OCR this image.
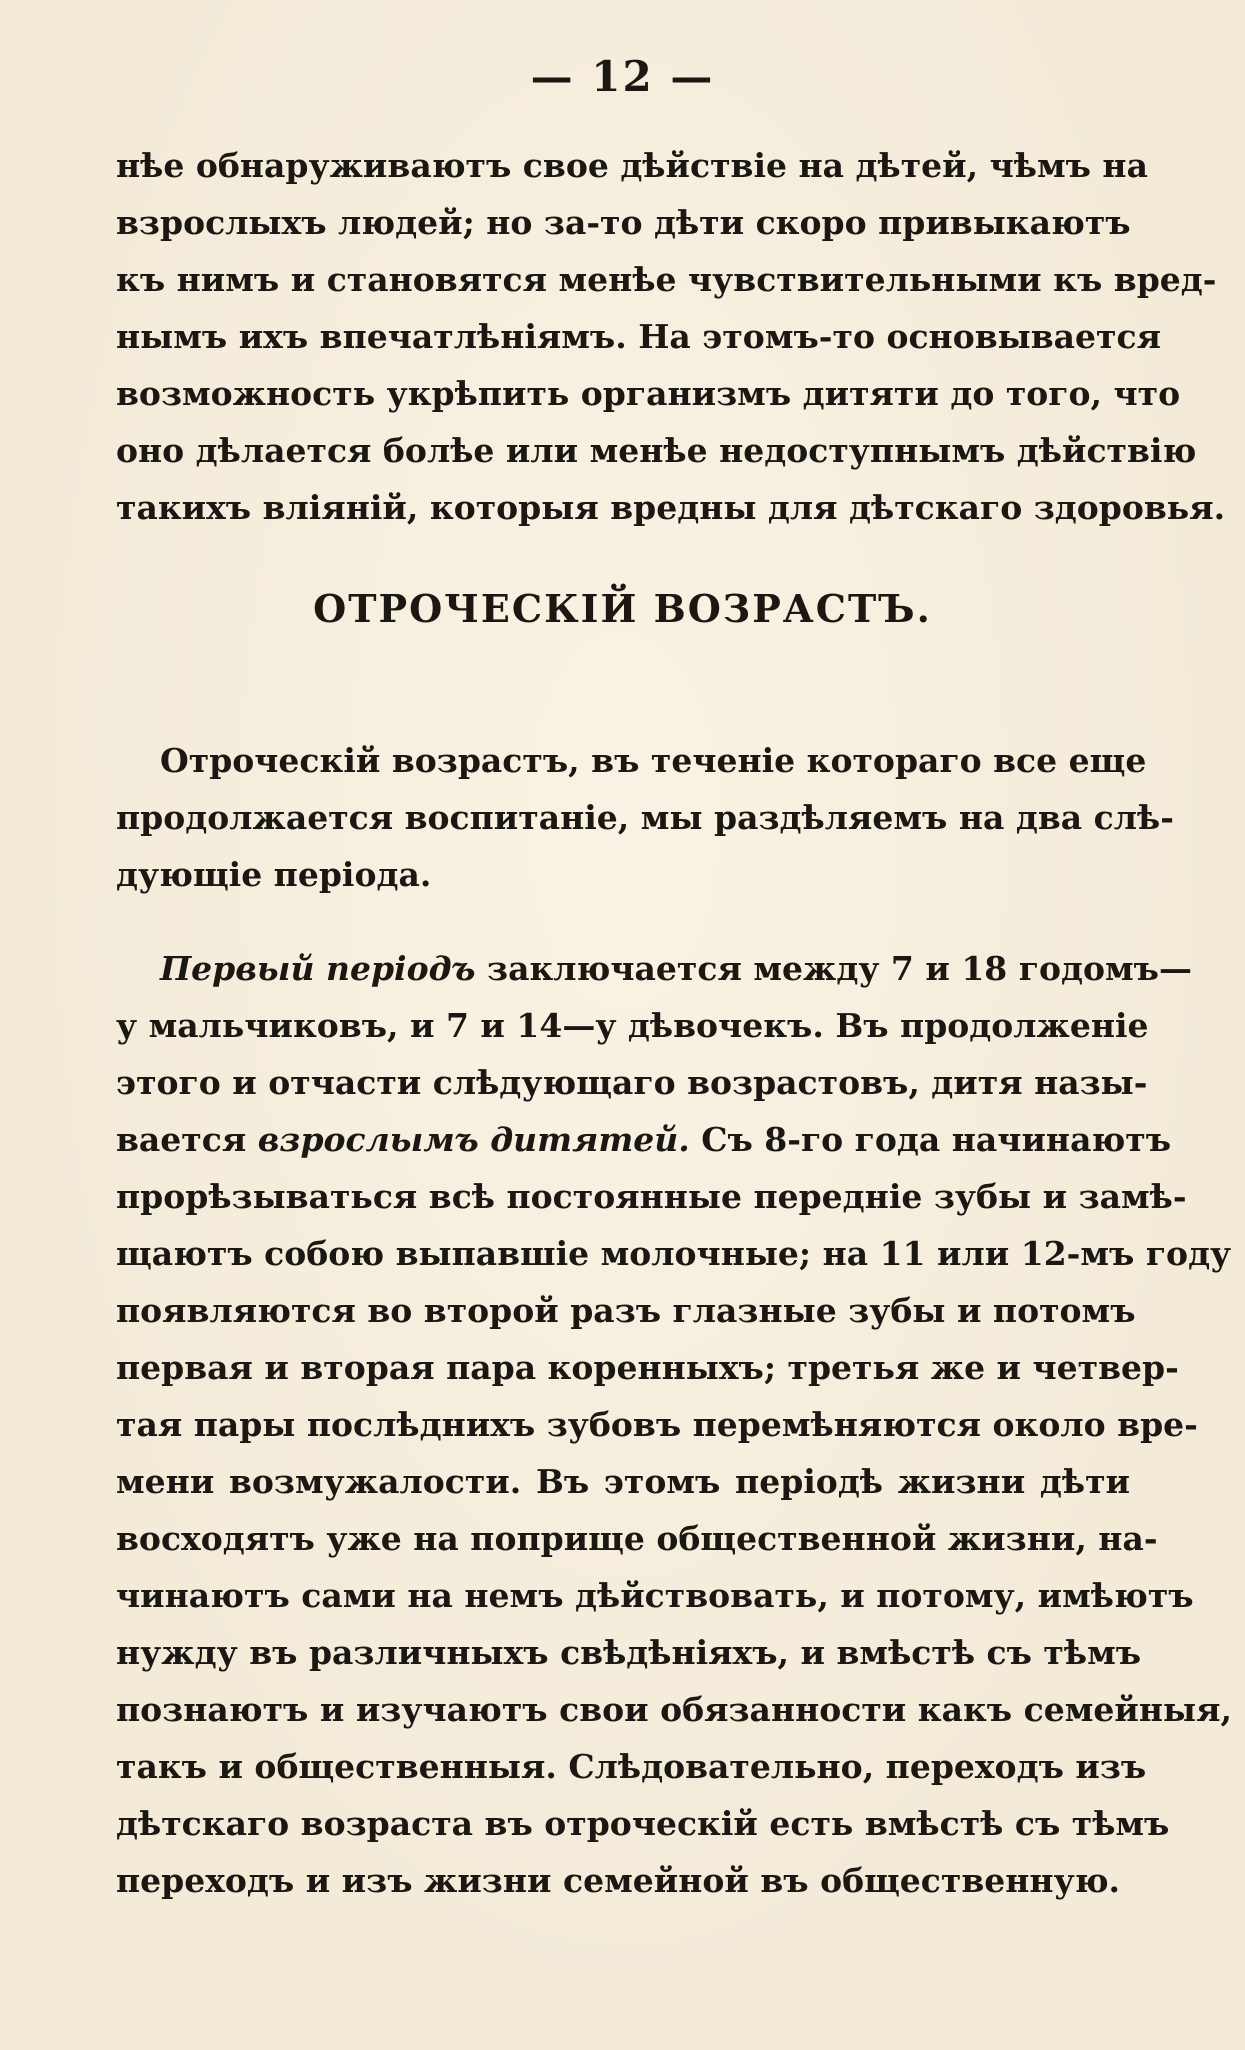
— 12 —
нѣе обнаруживаютъ свое дѣйствіе на дѣтей, чѣмъ на
взрослыхъ людей; но за-то дѣти скоро привыкаютъ
къ нимъ и становятся менѣе чувствительными къ вред-
нымъ ихъ впечатлѣніямъ. На этомъ-то основывается
возможность укрѣпить организмъ дитяти до того, что
оно дѣлается болѣе или менѣе недоступнымъ дѣйствію
такихъ вліяній, которыя вредны для дѣтскаго здоровья.
ОТРОЧЕСКІЙ ВОЗРАСТЪ.
Отроческій возрастъ, въ теченіе котораго все еще
продолжается воспитаніе, мы раздѣляемъ на два слѣ-
дующіе періода.
Первый періодъ заключается между 7 и 18 годомъ—
у мальчиковъ, и 7 и 14—у дѣвочекъ. Въ продолженіе
этого и отчасти слѣдующаго возрастовъ, дитя назы-
вается взрослымъ дитятей. Съ 8-го года начинаютъ
прорѣзываться всѣ постоянные передніе зубы и замѣ-
щаютъ собою выпавшіе молочные; на 11 или 12-мъ году
появляются во второй разъ глазные зубы и потомъ
первая и вторая пара коренныхъ; третья же и четвер-
тая пары послѣднихъ зубовъ перемѣняются около вре-
мени возмужалости. Въ этомъ періодѣ жизни дѣти
восходятъ уже на поприще общественной жизни, на-
чинаютъ сами на немъ дѣйствовать, и потому, имѣютъ
нужду въ различныхъ свѣдѣніяхъ, и вмѣстѣ съ тѣмъ
познаютъ и изучаютъ свои обязанности какъ семейныя,
такъ и общественныя. Слѣдовательно, переходъ изъ
дѣтскаго возраста въ отроческій есть вмѣстѣ съ тѣмъ
переходъ и изъ жизни семейной въ общественную.
